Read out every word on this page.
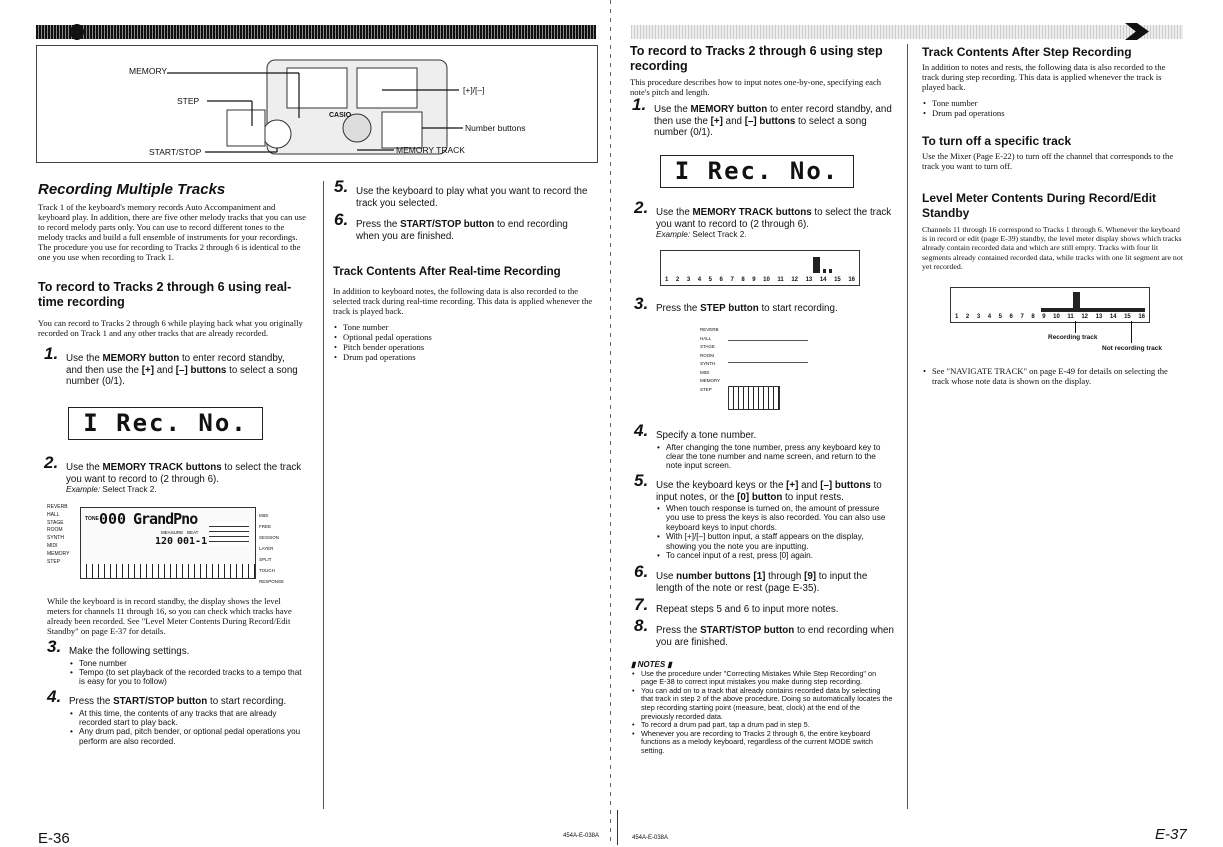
MEMORY
STEP
START/STOP
[+]/[–]
Number buttons
MEMORY TRACK
CASIO
Recording Multiple Tracks
Track 1 of the keyboard's memory records Auto Accompaniment and keyboard play. In addition, there are five other melody tracks that you can use to record melody parts only. You can use to record different tones to the melody tracks and build a full ensemble of instruments for your recordings. The procedure you use for recording to Tracks 2 through 6 is identical to the one you use when recording to Track 1.
To record to Tracks 2 through 6 using real-time recording
You can record to Tracks 2 through 6 while playing back what you originally recorded on Track 1 and any other tracks that are already recorded.
1. Use the MEMORY button to enter record standby, and then use the [+] and [–] buttons to select a song number (0/1).
I Rec. No.
2. Use the MEMORY TRACK buttons to select the track you want to record to (2 through 6).
Example: Select Track 2.
REVERB
HALL
STAGE
ROOM
SYNTH
MIDI
MEMORY
STEP
TONE 000 GrandPno
MEASURE BEAT
120 001-1
MIDI
FREE SESSION
LAYER
SPLIT
TOUCH RESPONSE
While the keyboard is in record standby, the display shows the level meters for channels 11 through 16, so you can check which tracks have already been recorded. See "Level Meter Contents During Record/Edit Standby" on page E-37 for details.
3. Make the following settings.
• Tone number
• Tempo (to set playback of the recorded tracks to a tempo that is easy for you to follow)
4. Press the START/STOP button to start recording.
• At this time, the contents of any tracks that are already recorded start to play back.
• Any drum pad, pitch bender, or optional pedal operations you perform are also recorded.
5. Use the keyboard to play what you want to record the track you selected.
6. Press the START/STOP button to end recording when you are finished.
Track Contents After Real-time Recording
In addition to keyboard notes, the following data is also recorded to the selected track during real-time recording. This data is applied whenever the track is played back.
• Tone number
• Optional pedal operations
• Pitch bender operations
• Drum pad operations
E-36	454A-E-038A
To record to Tracks 2 through 6 using step recording
This procedure describes how to input notes one-by-one, specifying each note's pitch and length.
1. Use the MEMORY button to enter record standby, and then use the [+] and [–] buttons to select a song number (0/1).
I Rec. No.
2. Use the MEMORY TRACK buttons to select the track you want to record to (2 through 6).
Example: Select Track 2.
1 2 3 4 5 6 7 8 9 10 11 12 13 14 15 16
3. Press the STEP button to start recording.
REVERB
HALL
STAGE
ROOM
SYNTH
MIDI
MEMORY
STEP
4. Specify a tone number.
• After changing the tone number, press any keyboard key to clear the tone number and name screen, and return to the note input screen.
5. Use the keyboard keys or the [+] and [–] buttons to input notes, or the [0] button to input rests.
• When touch response is turned on, the amount of pressure you use to press the keys is also recorded. You can also use keyboard keys to input chords.
• With [+]/[–] button input, a staff appears on the display, showing you the note you are inputting.
• To cancel input of a rest, press [0] again.
6. Use number buttons [1] through [9] to input the length of the note or rest (page E-35).
7. Repeat steps 5 and 6 to input more notes.
8. Press the START/STOP button to end recording when you are finished.
▮ NOTES ▮
• Use the procedure under "Correcting Mistakes While Step Recording" on page E-38 to correct input mistakes you make during step recording.
• You can add on to a track that already contains recorded data by selecting that track in step 2 of the above procedure. Doing so automatically locates the step recording starting point (measure, beat, clock) at the end of the previously recorded data.
• To record a drum pad part, tap a drum pad in step 5.
• Whenever you are recording to Tracks 2 through 6, the entire keyboard functions as a melody keyboard, regardless of the current MODE switch setting.
Track Contents After Step Recording
In addition to notes and rests, the following data is also recorded to the track during step recording. This data is applied whenever the track is played back.
• Tone number
• Drum pad operations
To turn off a specific track
Use the Mixer (Page E-22) to turn off the channel that corresponds to the track you want to turn off.
Level Meter Contents During Record/Edit Standby
Channels 11 through 16 correspond to Tracks 1 through 6. Whenever the keyboard is in record or edit (page E-39) standby, the level meter display shows which tracks already contain recorded data and which are still empty. Tracks with four lit segments already contained recorded data, while tracks with one lit segment are not yet recorded.
1 2 3 4 5 6 7 8 9 10 11 12 13 14 15 16
Recording track
Not recording track
• See "NAVIGATE TRACK" on page E-49 for details on selecting the track whose note data is shown on the display.
454A-E-038A	E-37
